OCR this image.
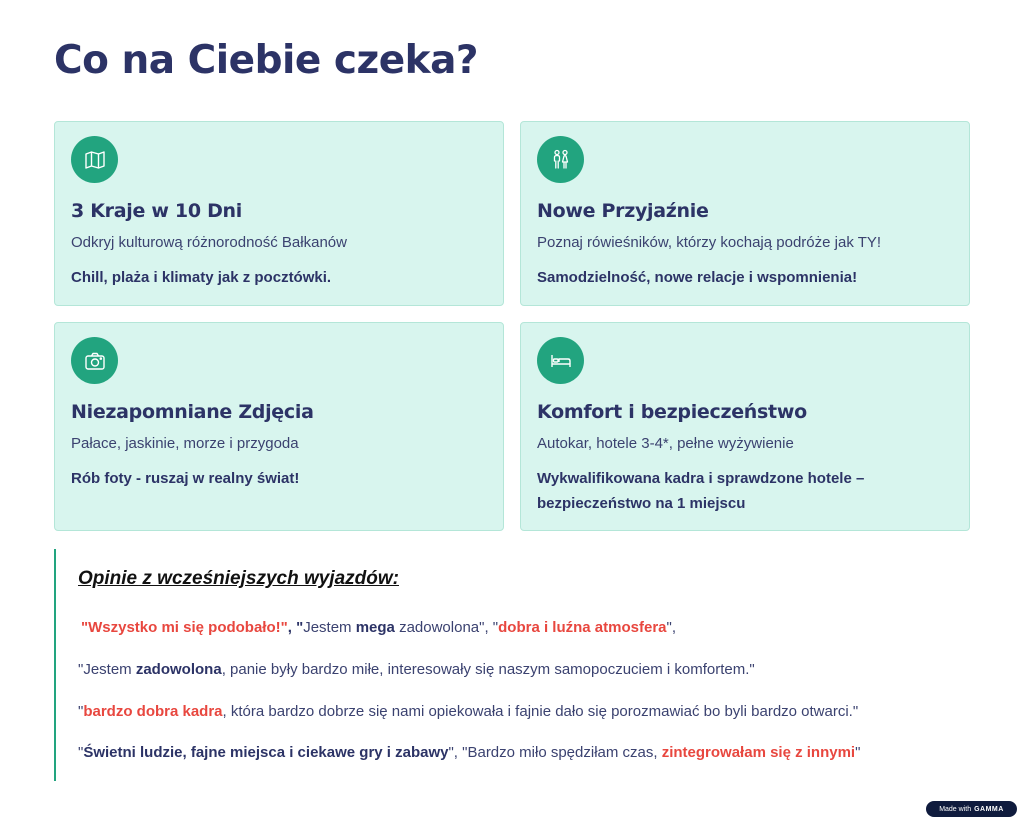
Co na Ciebie czeka?
3 Kraje w 10 Dni

Odkryj kulturową różnorodność Bałkanów

Chill, plaża i klimaty jak z pocztówki.

Nowe Przyjaźnie

Poznaj rówieśników, którzy kochają podróże jak TY!

Samodzielność, nowe relacje i wspomnienia!

Niezapomniane Zdjęcia

Pałace, jaskinie, morze i przygoda

Rób foty - ruszaj w realny świat!

Komfort i bezpieczeństwo

Autokar, hotele 3-4*, pełne wyżywienie

Wykwalifikowana kadra i sprawdzone hotele – bezpieczeństwo na 1 miejscu

Opinie z wcześniejszych wyjazdów:

"Wszystko mi się podobało!", "Jestem mega zadowolona", "dobra i luźna atmosfera",

"Jestem zadowolona, panie były bardzo miłe, interesowały się naszym samopoczuciem i komfortem."

"bardzo dobra kadra, która bardzo dobrze się nami opiekowała i fajnie dało się porozmawiać bo byli bardzo otwarci."

"Świetni ludzie, fajne miejsca i ciekawe gry i zabawy", "Bardzo miło spędziłam czas, zintegrowałam się z innymi"

Made with GAMMA
